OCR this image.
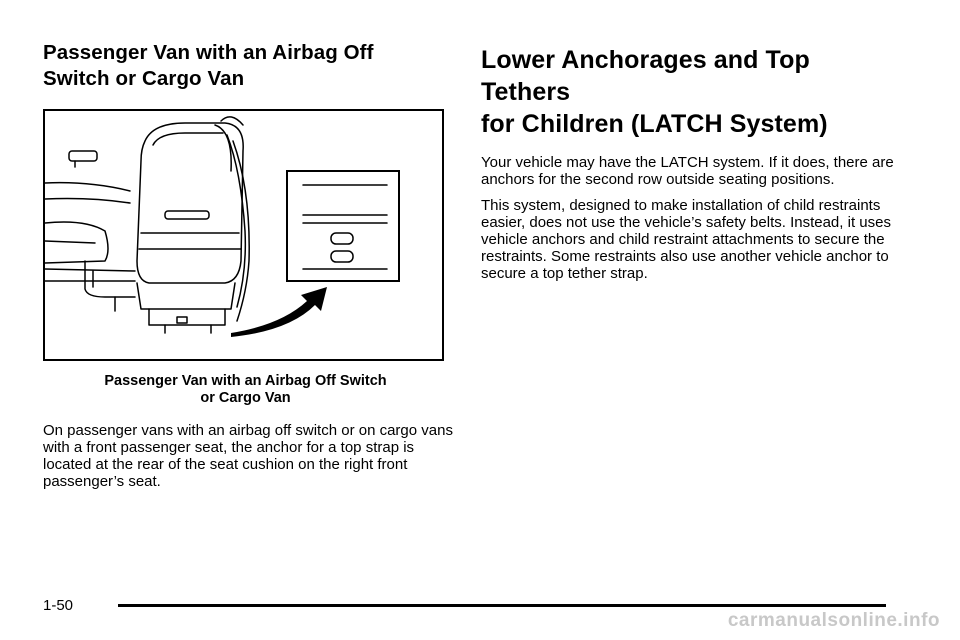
Passenger Van with an Airbag Off
Switch or Cargo Van
Passenger Van with an Airbag Off Switch
or Cargo Van

On passenger vans with an airbag off switch or on cargo vans with a front passenger seat, the anchor for a top strap is located at the rear of the seat cushion on the right front passenger’s seat.

Lower Anchorages and Top Tethers
for Children (LATCH System)

Your vehicle may have the LATCH system. If it does, there are anchors for the second row outside seating positions.

This system, designed to make installation of child restraints easier, does not use the vehicle’s safety belts. Instead, it uses vehicle anchors and child restraint attachments to secure the restraints. Some restraints also use another vehicle anchor to secure a top tether strap.

1-50
carmanualsonline.info
